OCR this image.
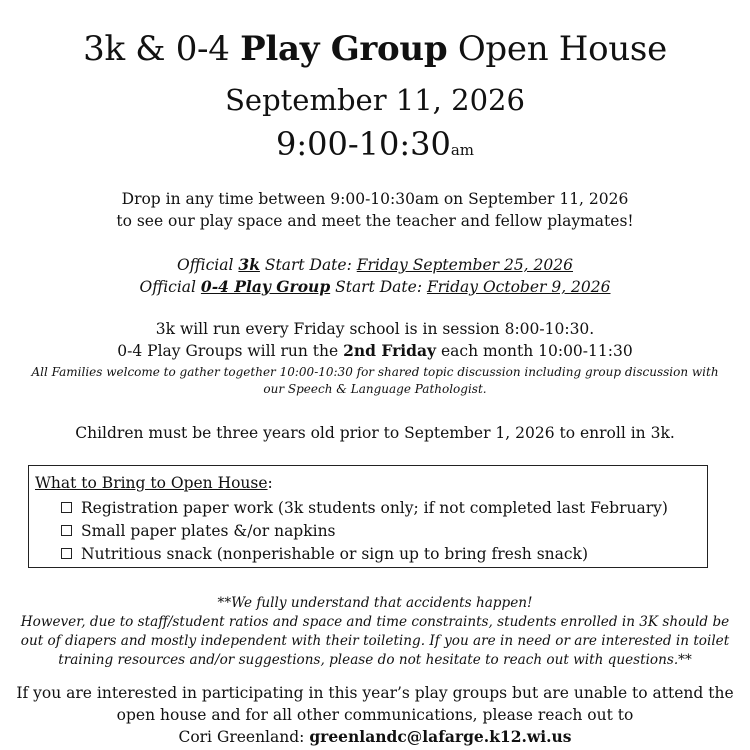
3k & 0-4 Play Group Open House
September 11, 2026
9:00-10:30am
Drop in any time between 9:00-10:30am on September 11, 2026
to see our play space and meet the teacher and fellow playmates!
Official 3k Start Date: Friday September 25, 2026
Official 0-4 Play Group Start Date: Friday October 9, 2026
3k will run every Friday school is in session 8:00-10:30.
0-4 Play Groups will run the 2nd Friday each month 10:00-11:30
All Families welcome to gather together 10:00-10:30 for shared topic discussion including group discussion with our Speech & Language Pathologist.
Children must be three years old prior to September 1, 2026 to enroll in 3k.
What to Bring to Open House:
Registration paper work (3k students only; if not completed last February)
Small paper plates &/or napkins
Nutritious snack (nonperishable or sign up to bring fresh snack)
**We fully understand that accidents happen!
However, due to staff/student ratios and space and time constraints, students enrolled in 3K should be out of diapers and mostly independent with their toileting. If you are in need or are interested in toilet training resources and/or suggestions, please do not hesitate to reach out with questions.**
If you are interested in participating in this year’s play groups but are unable to attend the
open house and for all other communications, please reach out to
Cori Greenland: greenlandc@lafarge.k12.wi.us
